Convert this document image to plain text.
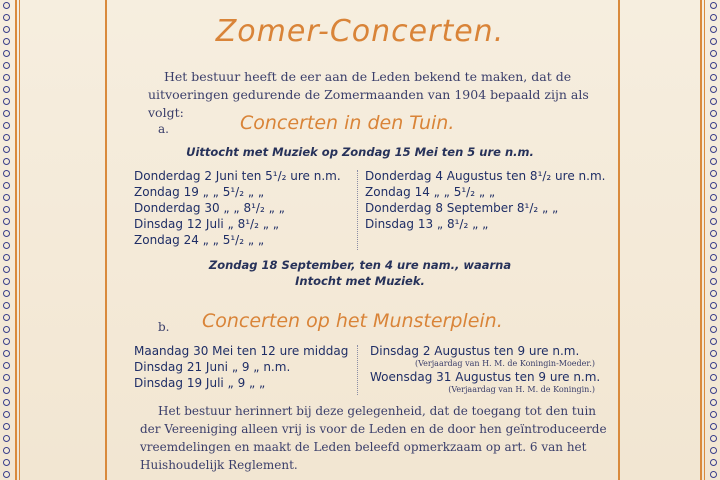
Zomer-Concerten.
Het bestuur heeft de eer aan de Leden bekend te maken, dat de
uitvoeringen gedurende de Zomermaanden van 1904 bepaald zijn als volgt:
a.	Concerten in den Tuin.
Uittocht met Muziek op Zondag 15 Mei ten 5 ure n.m.
Donderdag 2 Juni ten 5¹/₂ ure n.m.
Zondag 19 „ „ 5¹/₂ „ „
Donderdag 30 „ „ 8¹/₂ „ „
Dinsdag 12 Juli „ 8¹/₂ „ „
Zondag 24 „ „ 5¹/₂ „ „
Donderdag 4 Augustus ten 8¹/₂ ure n.m.
Zondag 14 „ „ 5¹/₂ „ „
Donderdag 8 September 8¹/₂ „ „
Dinsdag 13 „ 8¹/₂ „ „
Zondag 18 September, ten 4 ure nam., waarna
Intocht met Muziek.
b. Concerten op het Munsterplein.
Maandag 30 Mei ten 12 ure middag
Dinsdag 21 Juni „ 9 „ n.m.
Dinsdag 19 Juli „ 9 „ „
Dinsdag 2 Augustus ten 9 ure n.m.
(Verjaardag van H. M. de Koningin-Moeder.)
Woensdag 31 Augustus ten 9 ure n.m.
(Verjaardag van H. M. de Koningin.)
Het bestuur herinnert bij deze gelegenheid, dat de toegang tot den tuin
der Vereeniging alleen vrij is voor de Leden en de door hen geïntroduceerde
vreemdelingen en maakt de Leden beleefd opmerkzaam op art. 6 van het
Huishoudelijk Reglement.
